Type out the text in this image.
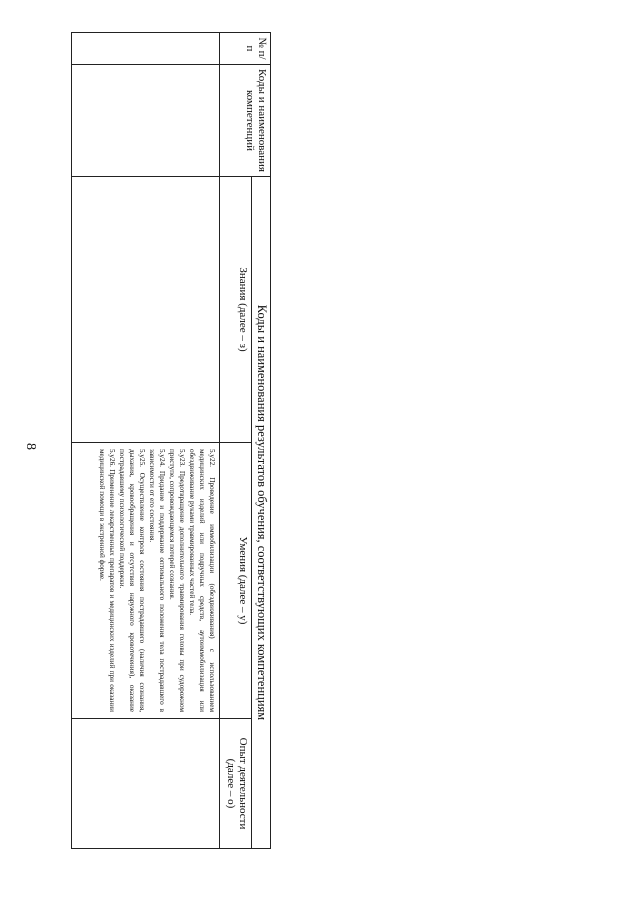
8
№ п/п	Коды и наименования компетенций	Коды и наименования результатов обучения, соответствующих компетенциям		
		Знания (далее – з)	Умения (далее – у)	Опыт деятельности (далее – о)

			5.у22. Проведение иммобилизации (обездвиживания) с использованием медицинских изделий или подручных средств, аутоиммобилизация или обездвиживание руками травмированных частей тела.

5.у23. Предотвращение дополнительного травмирования головы при судорожном приступе, сопровождающемся потерей сознания.

5.у24. Придание и поддержание оптимального положения тела пострадавшего в зависимости от его состояния.

5.у25. Осуществление контроля состояния пострадавшего (наличия сознания, дыхания, кровообращения и отсутствия наружного кровотечения), оказание пострадавшему психологической поддержки.

5.у26. Применение лекарственных препаратов и медицинских изделий при оказании медицинской помощи в экстренной форме.	
